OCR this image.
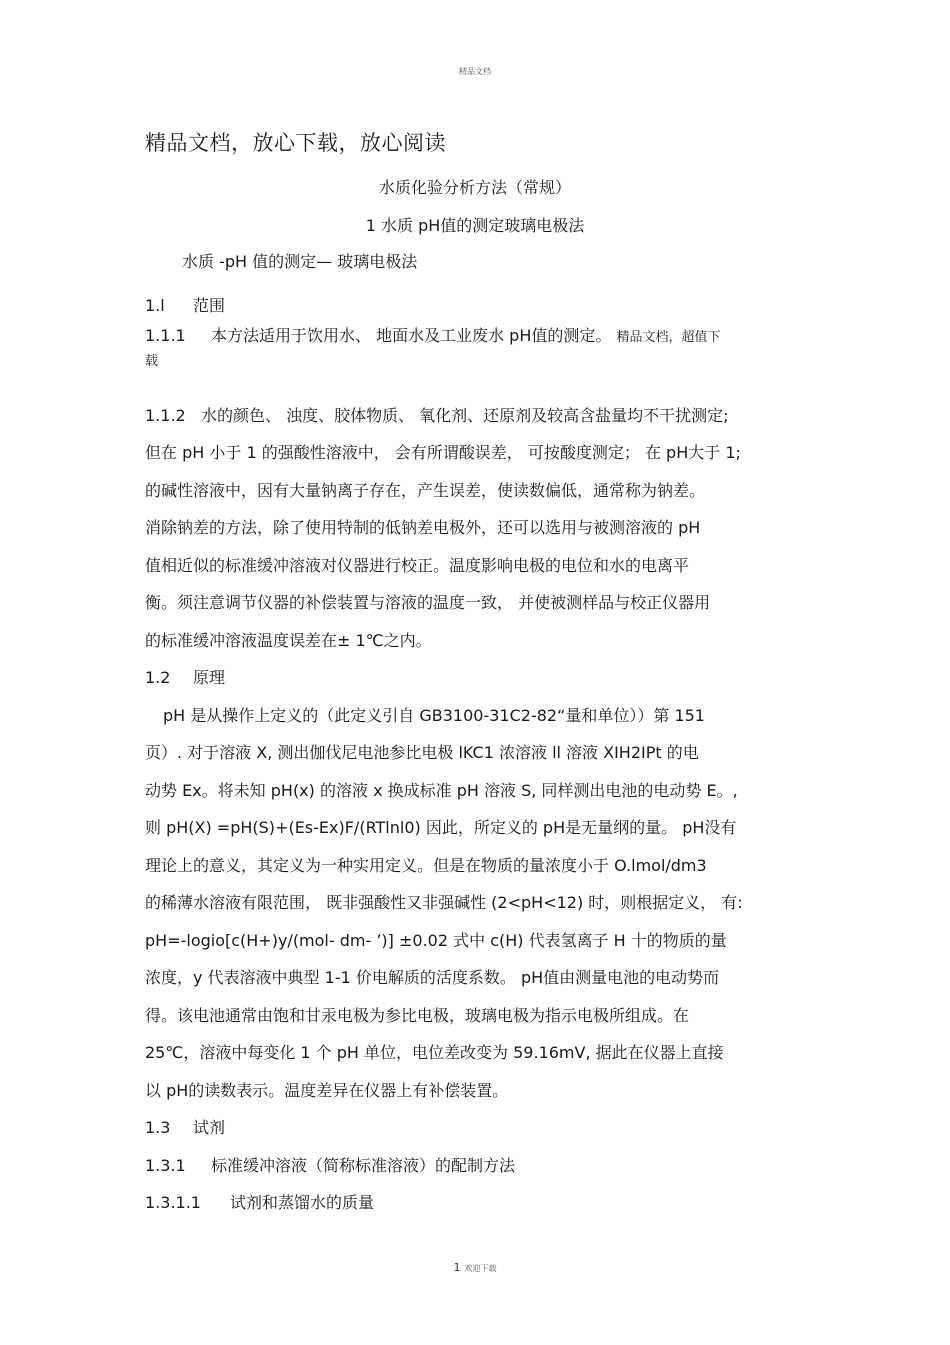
精品文档
精品文档，放心下载，放心阅读
水质化验分析方法（常规）
1 水质 pH值的测定玻璃电极法
水质 -pH 值的测定— 玻璃电极法
1.l 范围
1.1.1 本方法适用于饮用水、 地面水及工业废水 pH值的测定。 精品文档，超值下
载
1.1.2 水的颜色、 浊度、胶体物质、 氧化剂、还原剂及较高含盐量均不干扰测定;
但在 pH 小于 1 的强酸性溶液中， 会有所谓酸误差， 可按酸度测定； 在 pH大于 1;
的碱性溶液中，因有大量钠离子存在，产生误差，使读数偏低，通常称为钠差。
消除钠差的方法，除了使用特制的低钠差电极外，还可以选用与被测溶液的 pH
值相近似的标准缓冲溶液对仪器进行校正。温度影响电极的电位和水的电离平
衡。须注意调节仪器的补偿装置与溶液的温度一致， 并使被测样品与校正仪器用
的标准缓冲溶液温度误差在± 1℃之内。
1.2 原理
pH 是从操作上定义的（此定义引自 GB3100-31C2-82“量和单位））第 151
页）. 对于溶液 X, 测出伽伐尼电池参比电极 lKC1 浓溶液 ll 溶液 XIH2IPt 的电
动势 Ex。将未知 pH(x) 的溶液 x 换成标准 pH 溶液 S, 同样测出电池的电动势 E。,
则 pH(X) =pH(S)+(Es-Ex)F/(RTlnl0) 因此，所定义的 pH是无量纲的量。 pH没有
理论上的意义，其定义为一种实用定义。但是在物质的量浓度小于 O.lmol/dm3
的稀薄水溶液有限范围， 既非强酸性又非强碱性 (2<pH<12) 时，则根据定义， 有:
pH=-logio[c(H+)y/(mol- dm- ’)] ±0.02 式中 c(H) 代表氢离子 H 十的物质的量
浓度，y 代表溶液中典型 1-1 价电解质的活度系数。 pH值由测量电池的电动势而
得。该电池通常由饱和甘汞电极为参比电极，玻璃电极为指示电极所组成。在
25℃，溶液中每变化 1 个 pH 单位，电位差改变为 59.16mV, 据此在仪器上直接
以 pH的读数表示。温度差异在仪器上有补偿装置。
1.3 试剂
1.3.1 标准缓冲溶液（简称标准溶液）的配制方法
1.3.1.1 试剂和蒸馏水的质量
1 欢迎下载
